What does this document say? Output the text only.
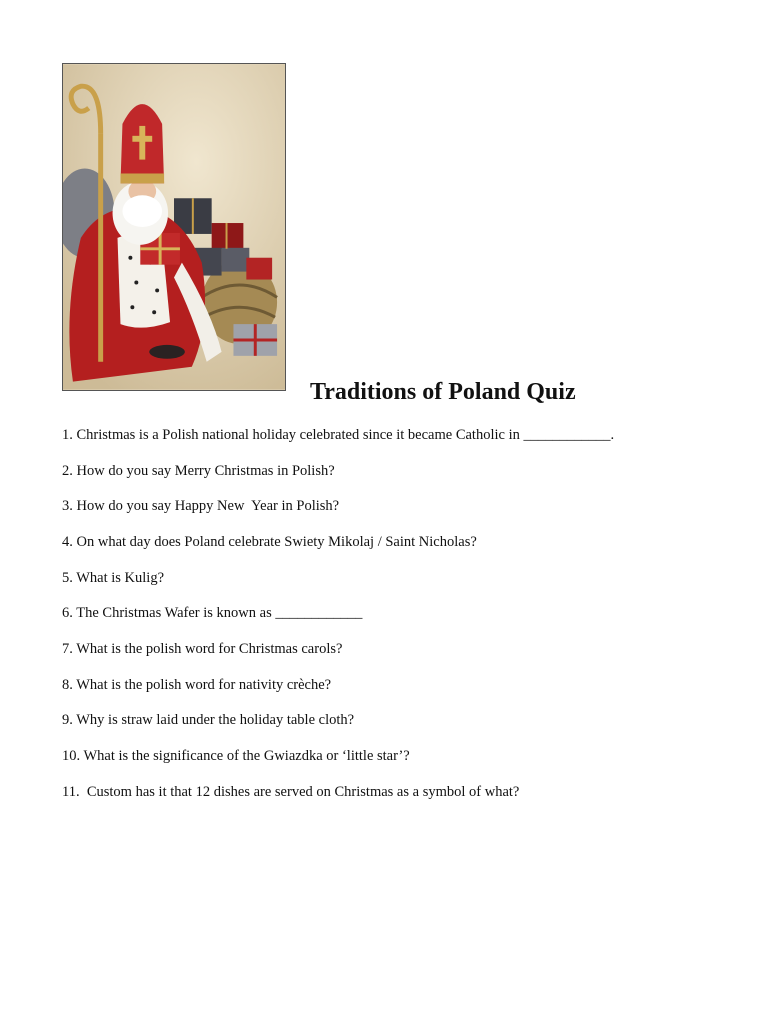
Traditions of Poland Quiz

1. Christmas is a Polish national holiday celebrated since it became Catholic in ____________.

2. How do you say Merry Christmas in Polish?

3. How do you say Happy New  Year in Polish?

4. On what day does Poland celebrate Swiety Mikolaj / Saint Nicholas?

5. What is Kulig?

6. The Christmas Wafer is known as ____________

7. What is the polish word for Christmas carols?

8. What is the polish word for nativity crèche?

9. Why is straw laid under the holiday table cloth?

10. What is the significance of the Gwiazdka or ‘little star’?

11.  Custom has it that 12 dishes are served on Christmas as a symbol of what?
